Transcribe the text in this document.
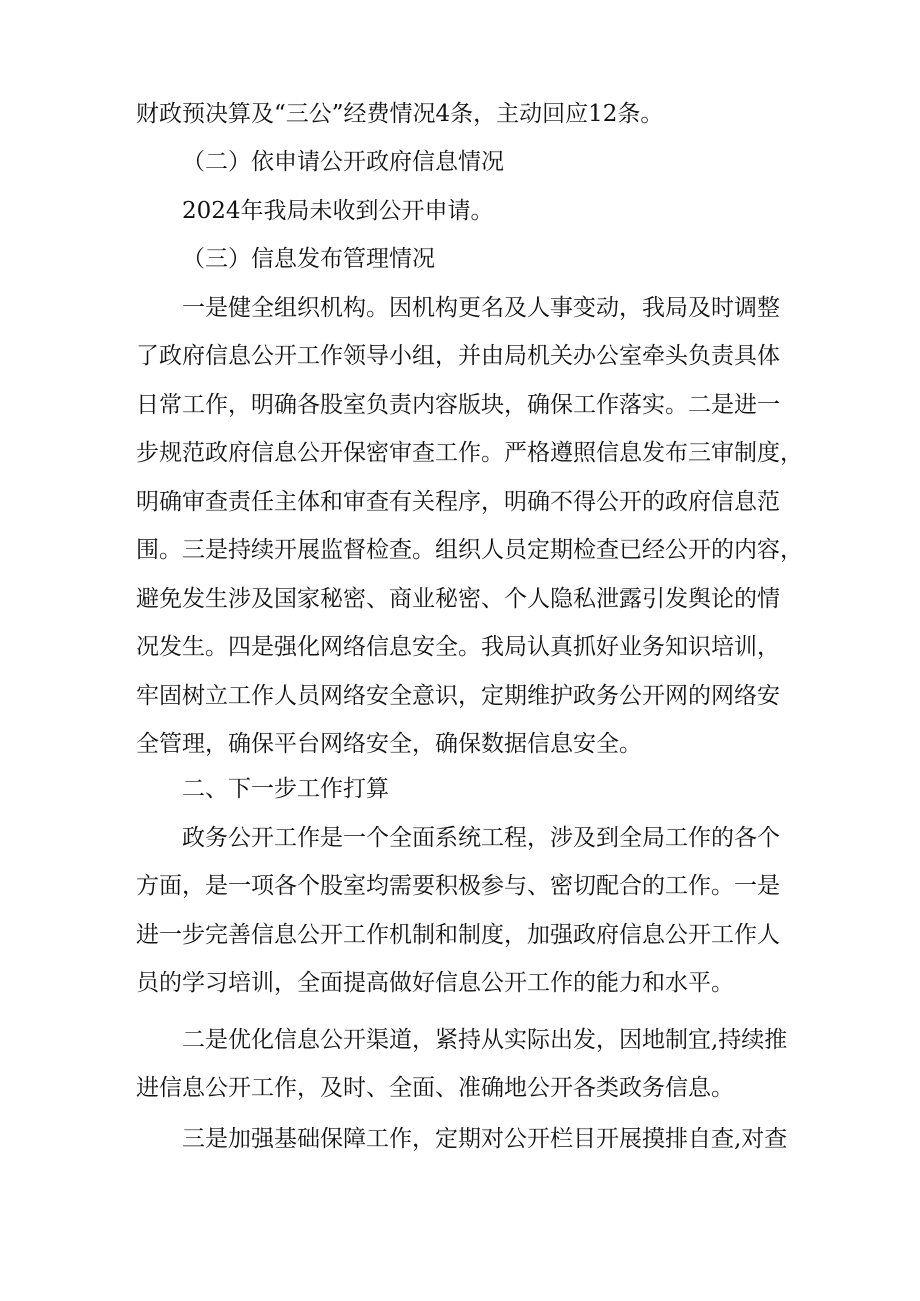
财政预决算及“三公”经费情况4条，主动回应12条。

（二）依申请公开政府信息情况

2024年我局未收到公开申请。

（三）信息发布管理情况

一是健全组织机构。因机构更名及人事变动，我局及时调整

了政府信息公开工作领导小组，并由局机关办公室牵头负责具体

日常工作，明确各股室负责内容版块，确保工作落实。二是进一

步规范政府信息公开保密审查工作。严格遵照信息发布三审制度，

明确审查责任主体和审查有关程序，明确不得公开的政府信息范

围。三是持续开展监督检查。组织人员定期检查已经公开的内容，

避免发生涉及国家秘密、商业秘密、个人隐私泄露引发舆论的情

况发生。四是强化网络信息安全。我局认真抓好业务知识培训，

牢固树立工作人员网络安全意识，定期维护政务公开网的网络安

全管理，确保平台网络安全，确保数据信息安全。

二、下一步工作打算

政务公开工作是一个全面系统工程，涉及到全局工作的各个

方面，是一项各个股室均需要积极参与、密切配合的工作。一是

进一步完善信息公开工作机制和制度，加强政府信息公开工作人

员的学习培训，全面提高做好信息公开工作的能力和水平。

二是优化信息公开渠道，紧持从实际出发，因地制宜,持续推

进信息公开工作，及时、全面、准确地公开各类政务信息。

三是加强基础保障工作，定期对公开栏目开展摸排自查,对查
